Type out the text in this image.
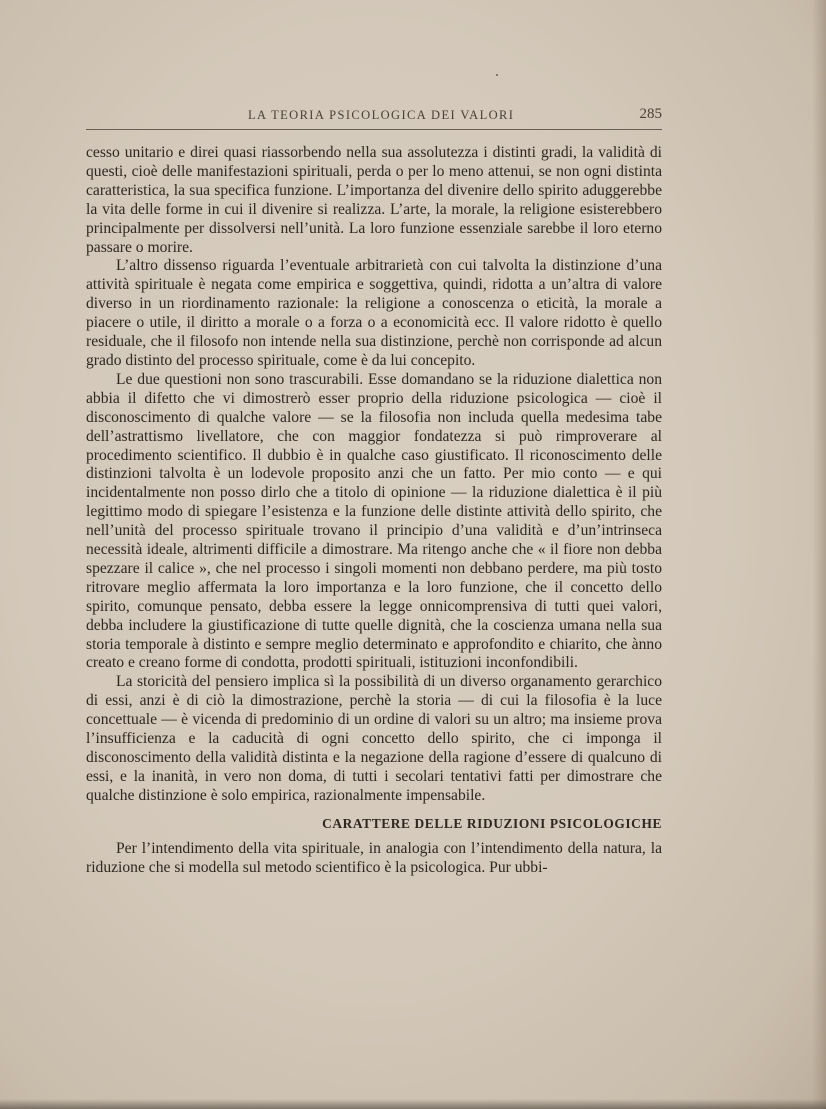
LA TEORIA PSICOLOGICA DEI VALORI	285

cesso unitario e direi quasi riassorbendo nella sua assolutezza i distinti gradi, la validità di questi, cioè delle manifestazioni spirituali, perda o per lo meno attenui, se non ogni distinta caratteristica, la sua specifica funzione. L’importanza del divenire dello spirito aduggerebbe la vita delle forme in cui il divenire si realizza. L’arte, la morale, la religione esisterebbero principalmente per dissolversi nell’unità. La loro funzione essenziale sarebbe il loro eterno passare o morire.

L’altro dissenso riguarda l’eventuale arbitrarietà con cui talvolta la distinzione d’una attività spirituale è negata come empirica e soggettiva, quindi, ridotta a un’altra di valore diverso in un riordinamento razionale: la religione a conoscenza o eticità, la morale a piacere o utile, il diritto a morale o a forza o a economicità ecc. Il valore ridotto è quello residuale, che il filosofo non intende nella sua distinzione, perchè non corrisponde ad alcun grado distinto del processo spirituale, come è da lui concepito.

Le due questioni non sono trascurabili. Esse domandano se la riduzione dialettica non abbia il difetto che vi dimostrerò esser proprio della riduzione psicologica — cioè il disconoscimento di qualche valore — se la filosofia non includa quella medesima tabe dell’astrattismo livellatore, che con maggior fondatezza si può rimproverare al procedimento scientifico. Il dubbio è in qualche caso giustificato. Il riconoscimento delle distinzioni talvolta è un lodevole proposito anzi che un fatto. Per mio conto — e qui incidentalmente non posso dirlo che a titolo di opinione — la riduzione dialettica è il più legittimo modo di spiegare l’esistenza e la funzione delle distinte attività dello spirito, che nell’unità del processo spirituale trovano il principio d’una validità e d’un’intrinseca necessità ideale, altrimenti difficile a dimostrare. Ma ritengo anche che « il fiore non debba spezzare il calice », che nel processo i singoli momenti non debbano perdere, ma più tosto ritrovare meglio affermata la loro importanza e la loro funzione, che il concetto dello spirito, comunque pensato, debba essere la legge onnicomprensiva di tutti quei valori, debba includere la giustificazione di tutte quelle dignità, che la coscienza umana nella sua storia temporale à distinto e sempre meglio determinato e approfondito e chiarito, che ànno creato e creano forme di condotta, prodotti spirituali, istituzioni inconfondibili.

La storicità del pensiero implica sì la possibilità di un diverso organamento gerarchico di essi, anzi è di ciò la dimostrazione, perchè la storia — di cui la filosofia è la luce concettuale — è vicenda di predominio di un ordine di valori su un altro; ma insieme prova l’insufficienza e la caducità di ogni concetto dello spirito, che ci imponga il disconoscimento della validità distinta e la negazione della ragione d’essere di qualcuno di essi, e la inanità, in vero non doma, di tutti i secolari tentativi fatti per dimostrare che qualche distinzione è solo empirica, razionalmente impensabile.

CARATTERE DELLE RIDUZIONI PSICOLOGICHE

Per l’intendimento della vita spirituale, in analogia con l’intendimento della natura, la riduzione che si modella sul metodo scientifico è la psicologica. Pur ubbi-
